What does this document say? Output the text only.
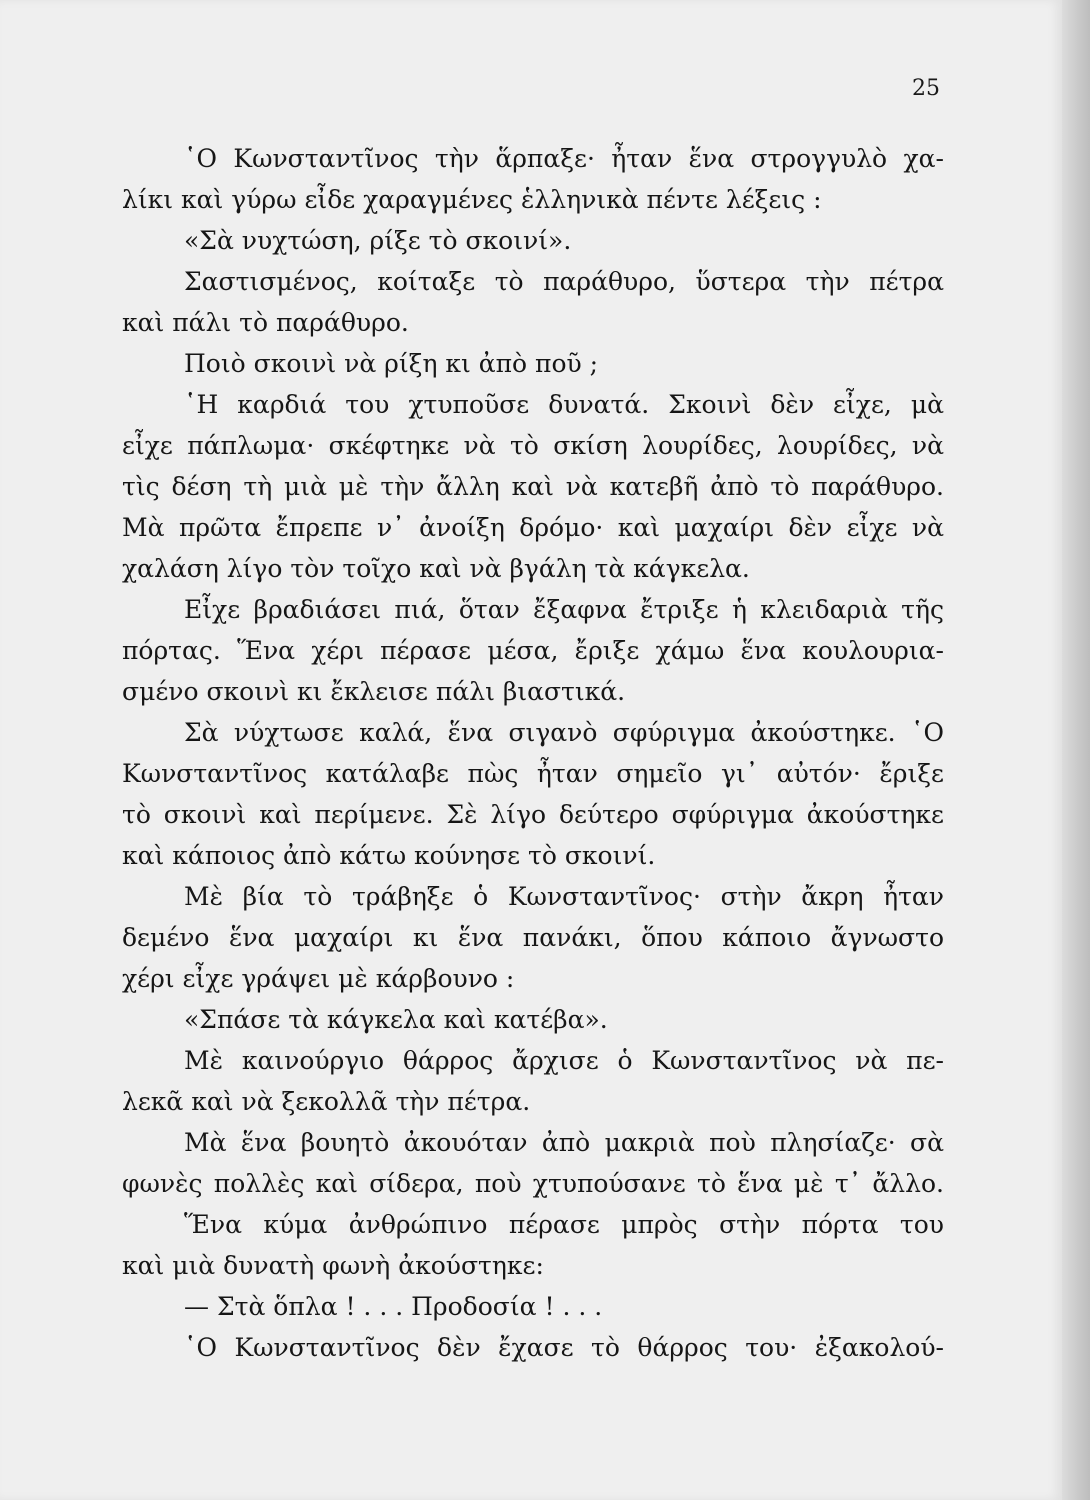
25

῾Ο Κωνσταντῖνος τὴν ἅρπαξε· ἦταν ἕνα στρογγυλὸ χα-

λίκι καὶ γύρω εἶδε χαραγμένες ἑλληνικὰ πέντε λέξεις :

«Σὰ νυχτώση, ρίξε τὸ σκοινί».

Σαστισμένος, κοίταξε τὸ παράθυρο, ὕστερα τὴν πέτρα

καὶ πάλι τὸ παράθυρο.

Ποιὸ σκοινὶ νὰ ρίξη κι ἀπὸ ποῦ ;

῾Η καρδιά του χτυποῦσε δυνατά. Σκοινὶ δὲν εἶχε, μὰ

εἶχε πάπλωμα· σκέφτηκε νὰ τὸ σκίση λουρίδες, λουρίδες, νὰ

τὶς δέση τὴ μιὰ μὲ τὴν ἄλλη καὶ νὰ κατεβῆ ἀπὸ τὸ παράθυρο.

Μὰ πρῶτα ἔπρεπε ν᾽ ἀνοίξη δρόμο· καὶ μαχαίρι δὲν εἶχε νὰ

χαλάση λίγο τὸν τοῖχο καὶ νὰ βγάλη τὰ κάγκελα.

Εἶχε βραδιάσει πιά, ὅταν ἔξαφνα ἔτριξε ἡ κλειδαριὰ τῆς

πόρτας. Ἕνα χέρι πέρασε μέσα, ἔριξε χάμω ἕνα κουλουρια-

σμένο σκοινὶ κι ἔκλεισε πάλι βιαστικά.

Σὰ νύχτωσε καλά, ἕνα σιγανὸ σφύριγμα ἀκούστηκε. ῾Ο

Κωνσταντῖνος κατάλαβε πὼς ἦταν σημεῖο γι᾽ αὐτόν· ἔριξε

τὸ σκοινὶ καὶ περίμενε. Σὲ λίγο δεύτερο σφύριγμα ἀκούστηκε

καὶ κάποιος ἀπὸ κάτω κούνησε τὸ σκοινί.

Μὲ βία τὸ τράβηξε ὁ Κωνσταντῖνος· στὴν ἄκρη ἦταν

δεμένο ἕνα μαχαίρι κι ἕνα πανάκι, ὅπου κάποιο ἄγνωστο

χέρι εἶχε γράψει μὲ κάρβουνο :

«Σπάσε τὰ κάγκελα καὶ κατέβα».

Μὲ καινούργιο θάρρος ἄρχισε ὁ Κωνσταντῖνος νὰ πε-

λεκᾶ καὶ νὰ ξεκολλᾶ τὴν πέτρα.

Μὰ ἕνα βουητὸ ἀκουόταν ἀπὸ μακριὰ ποὺ πλησίαζε· σὰ

φωνὲς πολλὲς καὶ σίδερα, ποὺ χτυπούσανε τὸ ἕνα μὲ τ᾽ ἄλλο.

Ἕνα κύμα ἀνθρώπινο πέρασε μπρὸς στὴν πόρτα του

καὶ μιὰ δυνατὴ φωνὴ ἀκούστηκε:

— Στὰ ὅπλα ! . . . Προδοσία ! . . .

῾Ο Κωνσταντῖνος δὲν ἔχασε τὸ θάρρος του· ἐξακολού-
